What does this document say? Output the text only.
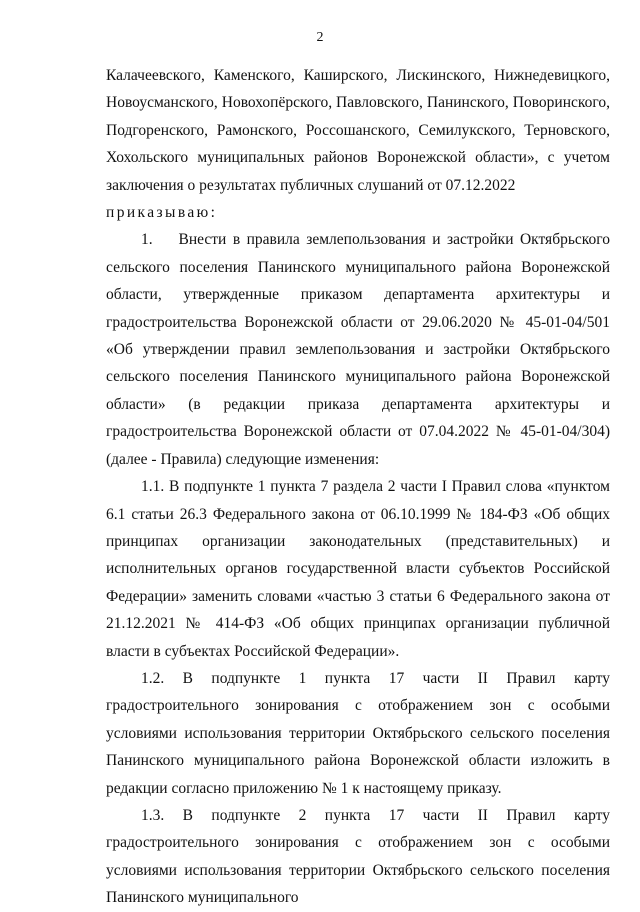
2

Калачеевского, Каменского, Каширского, Лискинского, Нижнедевицкого, Новоусманского, Новохопёрского, Павловского, Панинского, Поворинского, Подгоренского, Рамонского, Россошанского, Семилукского, Терновского, Хохольского муниципальных районов Воронежской области», с учетом заключения о результатах публичных слушаний от 07.12.2022

приказываю:

1.    Внести в правила землепользования и застройки Октябрьского сельского поселения Панинского муниципального района Воронежской области, утвержденные приказом департамента архитектуры и градостроительства Воронежской области от 29.06.2020 № 45-01-04/501 «Об утверждении правил землепользования и застройки Октябрьского сельского поселения Панинского муниципального района Воронежской области» (в редакции приказа департамента архитектуры и градостроительства Воронежской области от 07.04.2022 № 45-01-04/304) (далее - Правила) следующие изменения:

1.1. В подпункте 1 пункта 7 раздела 2 части I Правил слова «пунктом 6.1 статьи 26.3 Федерального закона от 06.10.1999 № 184-ФЗ «Об общих принципах организации законодательных (представительных) и исполнительных органов государственной власти субъектов Российской Федерации» заменить словами «частью 3 статьи 6 Федерального закона от 21.12.2021 № 414-ФЗ «Об общих принципах организации публичной власти в субъектах Российской Федерации».

1.2. В подпункте 1 пункта 17 части II Правил карту градостроительного зонирования с отображением зон с особыми условиями использования территории Октябрьского сельского поселения Панинского муниципального района Воронежской области изложить в редакции согласно приложению № 1 к настоящему приказу.

1.3. В подпункте 2 пункта 17 части II Правил карту градостроительного зонирования с отображением зон с особыми условиями использования территории Октябрьского сельского поселения Панинского муниципального
